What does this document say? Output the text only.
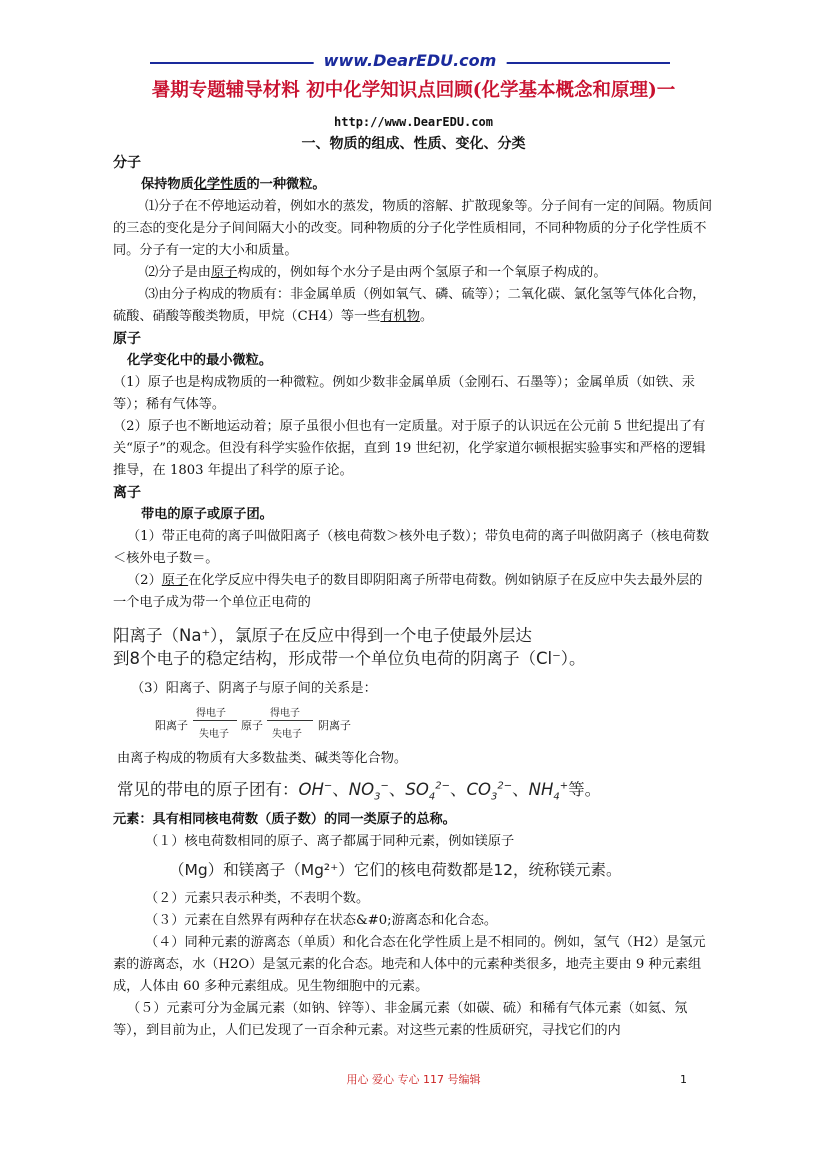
www.DearEDU.com
暑期专题辅导材料 初中化学知识点回顾(化学基本概念和原理)一
http://www.DearEDU.com
一、物质的组成、性质、变化、分类

分子

保持物质化学性质的一种微粒。

⑴分子在不停地运动着，例如水的蒸发，物质的溶解、扩散现象等。分子间有一定的间隔。物质间的三态的变化是分子间间隔大小的改变。同种物质的分子化学性质相同，不同种物质的分子化学性质不同。分子有一定的大小和质量。

⑵分子是由原子构成的，例如每个水分子是由两个氢原子和一个氧原子构成的。

⑶由分子构成的物质有：非金属单质（例如氧气、磷、硫等）；二氧化碳、氯化氢等气体化合物，硫酸、硝酸等酸类物质，甲烷（CH4）等一些有机物。

原子

化学变化中的最小微粒。

（1）原子也是构成物质的一种微粒。例如少数非金属单质（金刚石、石墨等）；金属单质（如铁、汞等）；稀有气体等。

（2）原子也不断地运动着；原子虽很小但也有一定质量。对于原子的认识远在公元前 5 世纪提出了有关“原子”的观念。但没有科学实验作依据，直到 19 世纪初，化学家道尔顿根据实验事实和严格的逻辑推导，在 1803 年提出了科学的原子论。

离子

带电的原子或原子团。

（1）带正电荷的离子叫做阳离子（核电荷数＞核外电子数）；带负电荷的离子叫做阴离子（核电荷数＜核外电子数＝。

（2）原子在化学反应中得失电子的数目即阴阳离子所带电荷数。例如钠原子在反应中失去最外层的一个电子成为带一个单位正电荷的

阳离子（Na⁺），氯原子在反应中得到一个电子使最外层达

到8个电子的稳定结构，形成带一个单位负电荷的阴离子（Cl⁻）。

（3）阳离子、阴离子与原子间的关系是：

阳离子
得电子
失电子
原子
得电子
失电子
阴离子

由离子构成的物质有大多数盐类、碱类等化合物。

常见的带电的原子团有：OH−、$NO_3^-$、$SO_4^{2-}$、$CO_3^{2-}$、$NH_4^+$等。

元素：具有相同核电荷数（质子数）的同一类原子的总称。

（１）核电荷数相同的原子、离子都属于同种元素，例如镁原子

（Mg）和镁离子（Mg²⁺）它们的核电荷数都是12，统称镁元素。

（２）元素只表示种类，不表明个数。

（３）元素在自然界有两种存在状态&#0;游离态和化合态。

（４）同种元素的游离态（单质）和化合态在化学性质上是不相同的。例如，氢气（H2）是氢元素的游离态，水（H2O）是氢元素的化合态。地壳和人体中的元素种类很多，地壳主要由 9 种元素组成，人体由 60 多种元素组成。见生物细胞中的元素。

（５）元素可分为金属元素（如钠、锌等）、非金属元素（如碳、硫）和稀有气体元素（如氦、氖等），到目前为止，人们已发现了一百余种元素。对这些元素的性质研究，寻找它们的内

用心 爱心 专心 117 号编辑	1
